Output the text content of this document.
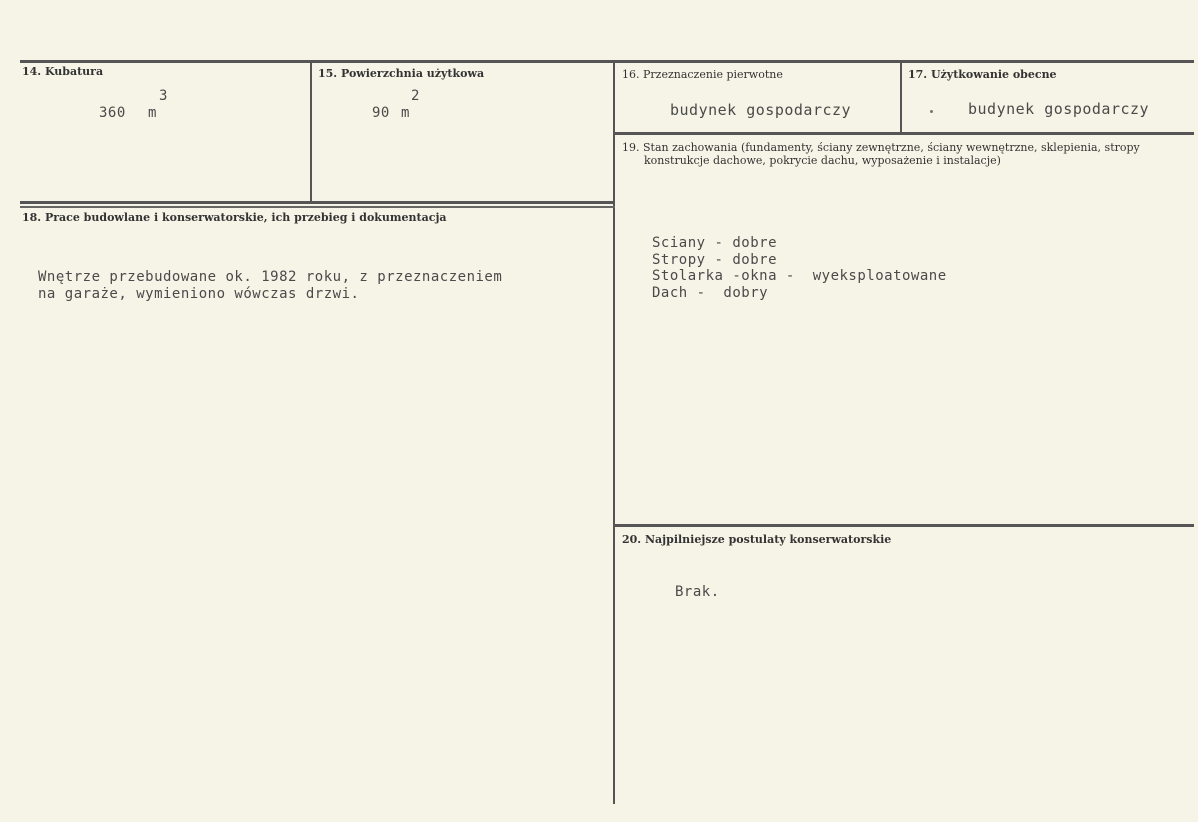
14. Kubatura
3
360 m
15. Powierzchnia użytkowa
2
90 m
16. Przeznaczenie pierwotne
budynek gospodarczy
17. Użytkowanie obecne
budynek gospodarczy
18. Prace budowlane i konserwatorskie, ich przebieg i dokumentacja
Wnętrze przebudowane ok. 1982 roku, z przeznaczeniem
na garaże, wymieniono wówczas drzwi.
19. Stan zachowania (fundamenty, ściany zewnętrzne, ściany wewnętrzne, sklepienia, stropy
konstrukcje dachowe, pokrycie dachu, wyposażenie i instalacje)
Sciany - dobre
Stropy - dobre
Stolarka -okna -  wyeksploatowane
Dach -  dobry
20. Najpilniejsze postulaty konserwatorskie
Brak.
